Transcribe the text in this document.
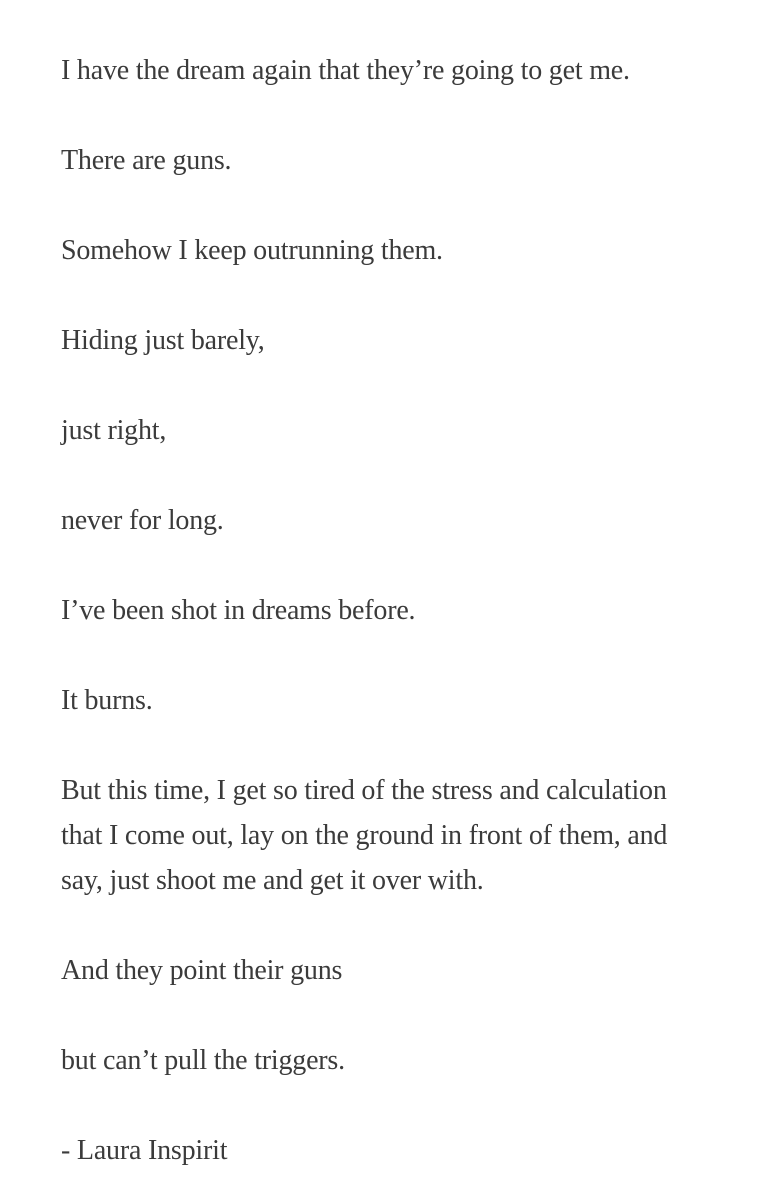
I have the dream again that they’re going to get me.
There are guns.
Somehow I keep outrunning them.
Hiding just barely,
just right,
never for long.
I’ve been shot in dreams before.
It burns.
But this time, I get so tired of the stress and calculation
that I come out, lay on the ground in front of them, and
say, just shoot me and get it over with.
And they point their guns
but can’t pull the triggers.
- Laura Inspirit
